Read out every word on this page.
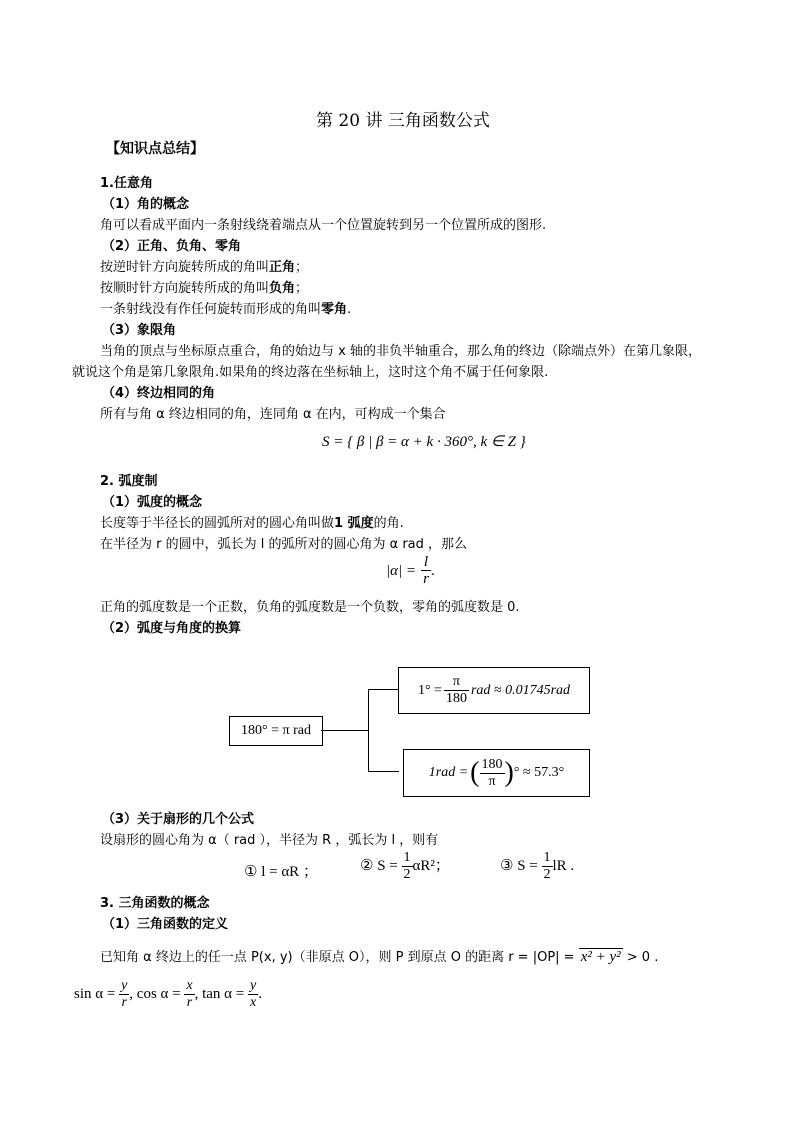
第 20 讲 三角函数公式
【知识点总结】
1.任意角
（1）角的概念
角可以看成平面内一条射线绕着端点从一个位置旋转到另一个位置所成的图形.
（2）正角、负角、零角
按逆时针方向旋转所成的角叫正角；
按顺时针方向旋转所成的角叫负角；
一条射线没有作任何旋转而形成的角叫零角.
（3）象限角
当角的顶点与坐标原点重合，角的始边与 x 轴的非负半轴重合，那么角的终边（除端点外）在第几象限，
就说这个角是第几象限角.如果角的终边落在坐标轴上，这时这个角不属于任何象限.
（4）终边相同的角
所有与角 α 终边相同的角，连同角 α 在内，可构成一个集合
S = { β | β = α + k · 360°, k ∈ Z }
2. 弧度制
（1）弧度的概念
长度等于半径长的圆弧所对的圆心角叫做1 弧度的角.
在半径为 r 的圆中，弧长为 l 的弧所对的圆心角为 α rad ，那么
$|\alpha| = \frac{l}{r}$ .
正角的弧度数是一个正数，负角的弧度数是一个负数，零角的弧度数是 0.
（2）弧度与角度的换算
180° = π rad
$1^\circ = \frac{\pi}{180}$ rad ≈ 0.01745rad
1rad = ( $\frac{180}{\pi}$ ) ° ≈ 57.3°
（3）关于扇形的几个公式
设扇形的圆心角为 α（ rad ），半径为 R ，弧长为 l ，则有
① l = αR ；	② $S = \frac{1}{2} \alpha R^2$；	③ $S = \frac{1}{2}$ lR .
3. 三角函数的概念
（1）三角函数的定义
已知角 α 终边上的任一点 P(x, y)（非原点 O），则 P 到原点 O 的距离 r = |OP| = x² + y² > 0 .
$\sin \alpha = \frac{y}{r}$ , $\cos \alpha = \frac{x}{r}$ , $\tan \alpha = \frac{y}{x}$ .
